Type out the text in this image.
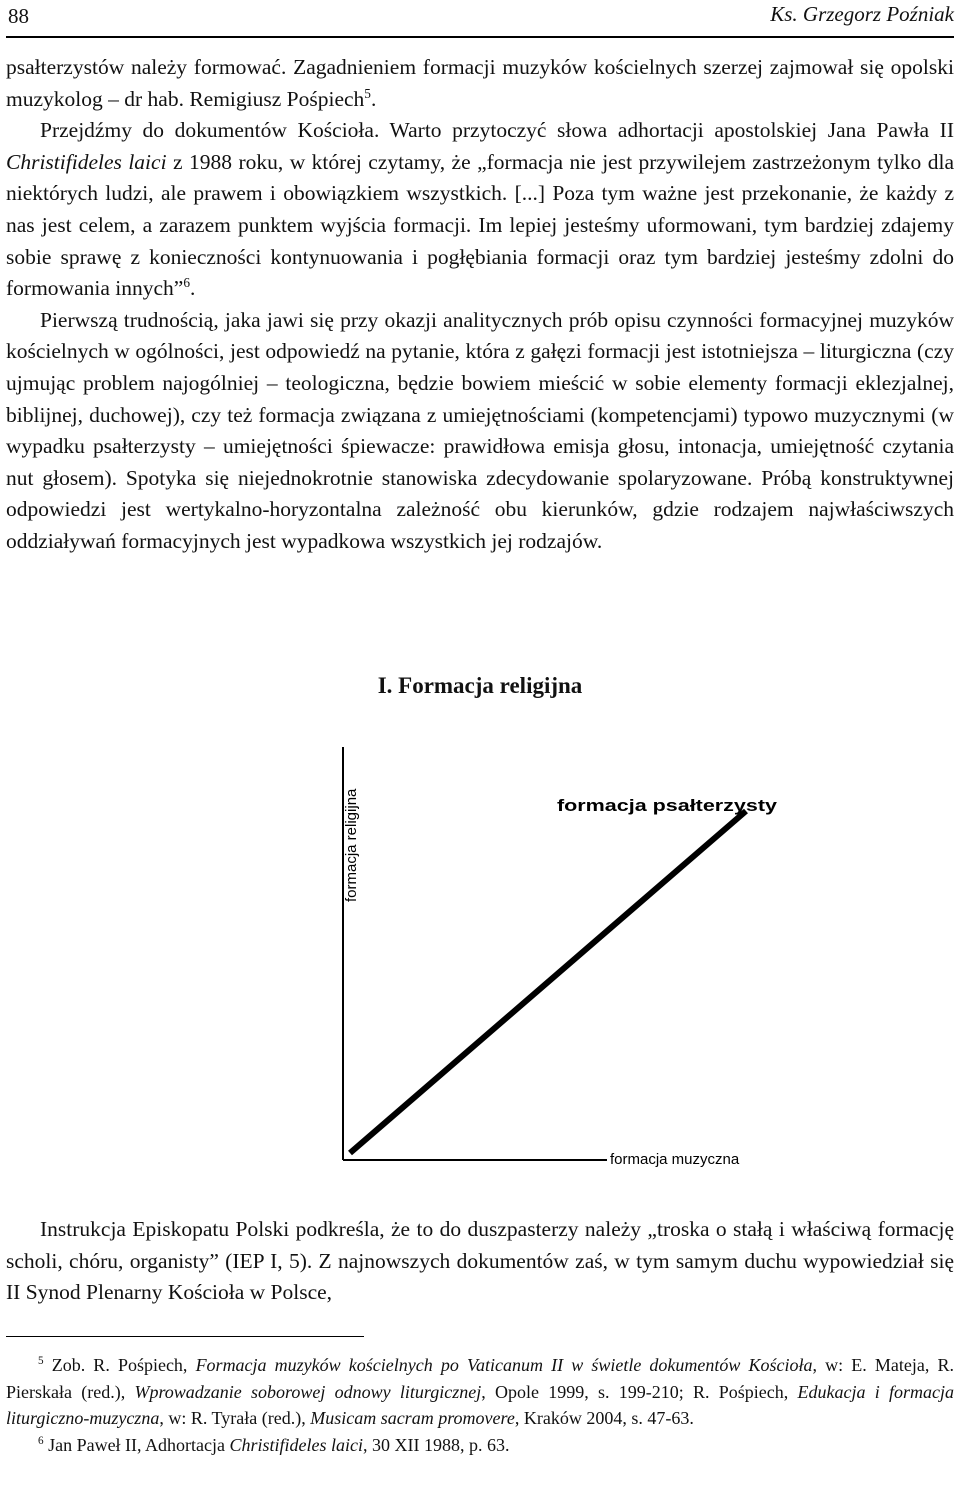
88	Ks. Grzegorz Poźniak

psałterzystów należy formować. Zagadnieniem formacji muzyków kościelnych szerzej zajmował się opolski muzykolog – dr hab. Remigiusz Pośpiech$^5$.

Przejdźmy do dokumentów Kościoła. Warto przytoczyć słowa adhortacji apostolskiej Jana Pawła II Christifideles laici z 1988 roku, w której czytamy, że „formacja nie jest przywilejem zastrzeżonym tylko dla niektórych ludzi, ale prawem i obowiązkiem wszystkich. [...] Poza tym ważne jest przekonanie, że każdy z nas jest celem, a zarazem punktem wyjścia formacji. Im lepiej jesteśmy uformowani, tym bardziej zdajemy sobie sprawę z konieczności kontynuowania i pogłębiania formacji oraz tym bardziej jesteśmy zdolni do formowania innych”$^6$.

Pierwszą trudnością, jaka jawi się przy okazji analitycznych prób opisu czynności formacyjnej muzyków kościelnych w ogólności, jest odpowiedź na pytanie, która z gałęzi formacji jest istotniejsza – liturgiczna (czy ujmując problem najogólniej – teologiczna, będzie bowiem mieścić w sobie elementy formacji eklezjalnej, biblijnej, duchowej), czy też formacja związana z umiejętnościami (kompetencjami) typowo muzycznymi (w wypadku psałterzysty – umiejętności śpiewacze: prawidłowa emisja głosu, intonacja, umiejętność czytania nut głosem). Spotyka się niejednokrotnie stanowiska zdecydowanie spolaryzowane. Próbą konstruktywnej odpowiedzi jest wertykalno-horyzontalna zależność obu kierunków, gdzie rodzajem najwłaściwszych oddziaływań formacyjnych jest wypadkowa wszystkich jej rodzajów.

I. Formacja religijna
formacja religijna	formacja psałterzysty
formacja muzyczna

Instrukcja Episkopatu Polski podkreśla, że to do duszpasterzy należy „troska o stałą i właściwą formację scholi, chóru, organisty” (IEP I, 5). Z najnowszych dokumentów zaś, w tym samym duchu wypowiedział się II Synod Plenarny Kościoła w Polsce,

$^5$ Zob. R. Pośpiech, Formacja muzyków kościelnych po Vaticanum II w świetle dokumentów Kościoła, w: E. Mateja, R. Pierskała (red.), Wprowadzanie soborowej odnowy liturgicznej, Opole 1999, s. 199-210; R. Pośpiech, Edukacja i formacja liturgiczno-muzyczna, w: R. Tyrała (red.), Musicam sacram promovere, Kraków 2004, s. 47-63.

$^6$ Jan Paweł II, Adhortacja Christifideles laici, 30 XII 1988, p. 63.
